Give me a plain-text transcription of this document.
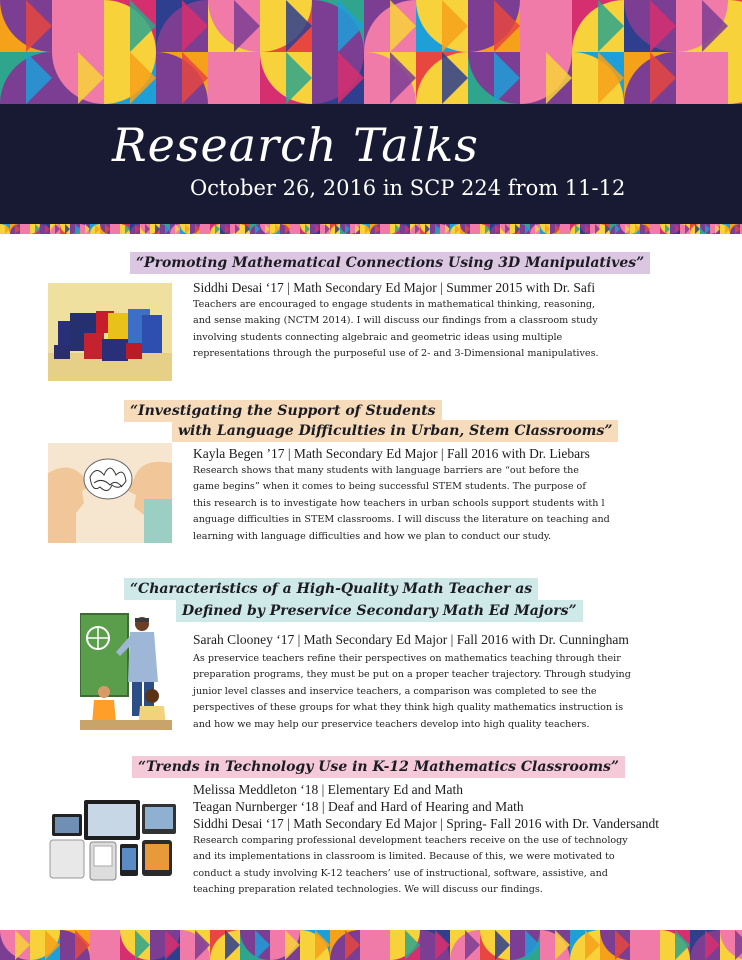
Research Talks
October 26, 2016 in SCP 224 from 11-12
“Promoting Mathematical Connections Using 3D Manipulatives”
Siddhi Desai ‘17 | Math Secondary Ed Major | Summer 2015 with Dr. Safi
Teachers are encouraged to engage students in mathematical thinking, reasoning,
and sense making (NCTM 2014). I will discuss our findings from a classroom study
involving students connecting algebraic and geometric ideas using multiple
representations through the purposeful use of 2- and 3-Dimensional manipulatives.
“Investigating the Support of Students
with Language Difficulties in Urban, Stem Classrooms”
Kayla Begen ’17 | Math Secondary Ed Major | Fall 2016 with Dr. Liebars
Research shows that many students with language barriers are “out before the
game begins” when it comes to being successful STEM students. The purpose of
this research is to investigate how teachers in urban schools support students with l
anguage difficulties in STEM classrooms. I will discuss the literature on teaching and
learning with language difficulties and how we plan to conduct our study.
“Characteristics of a High-Quality Math Teacher as
Defined by Preservice Secondary Math Ed Majors”
Sarah Clooney ‘17 | Math Secondary Ed Major | Fall 2016 with Dr. Cunningham
As preservice teachers refine their perspectives on mathematics teaching through their
preparation programs, they must be put on a proper teacher trajectory. Through studying
junior level classes and inservice teachers, a comparison was completed to see the
perspectives of these groups for what they think high quality mathematics instruction is
and how we may help our preservice teachers develop into high quality teachers.
“Trends in Technology Use in K-12 Mathematics Classrooms”
Melissa Meddleton ‘18 | Elementary Ed and Math
Teagan Nurnberger ‘18 | Deaf and Hard of Hearing and Math
Siddhi Desai ‘17 | Math Secondary Ed Major | Spring- Fall 2016 with Dr. Vandersandt
Research comparing professional development teachers receive on the use of technology
and its implementations in classroom is limited. Because of this, we were motivated to
conduct a study involving K-12 teachers’ use of instructional, software, assistive, and
teaching preparation related technologies. We will discuss our findings.
